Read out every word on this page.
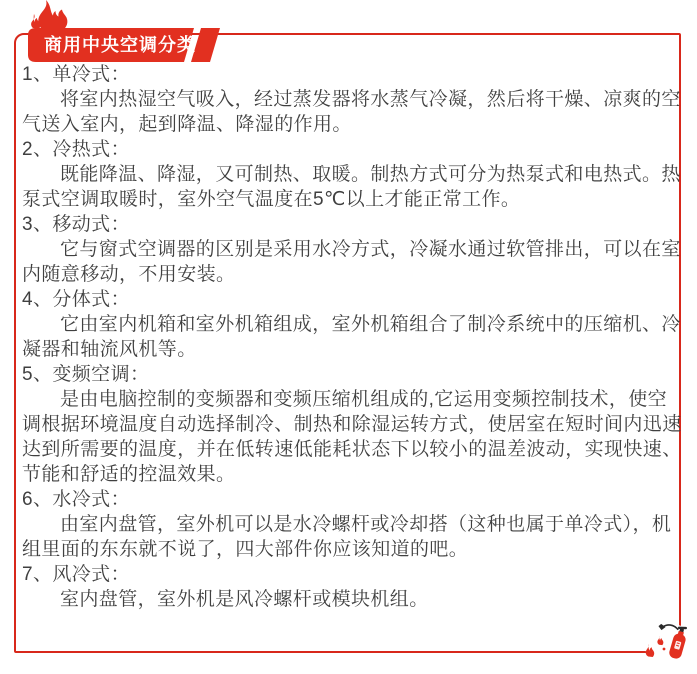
商用中央空调分类
1、单冷式：

将室内热湿空气吸入，经过蒸发器将水蒸气冷凝，然后将干燥、凉爽的空气送入室内，起到降温、降湿的作用。

2、冷热式：

既能降温、降湿，又可制热、取暖。制热方式可分为热泵式和电热式。热泵式空调取暖时，室外空气温度在5℃以上才能正常工作。

3、移动式：

它与窗式空调器的区别是采用水冷方式，冷凝水通过软管排出，可以在室内随意移动，不用安装。

4、分体式：

它由室内机箱和室外机箱组成，室外机箱组合了制冷系统中的压缩机、冷凝器和轴流风机等。

5、变频空调：

是由电脑控制的变频器和变频压缩机组成的,它运用变频控制技术，使空调根据环境温度自动选择制冷、制热和除湿运转方式，使居室在短时间内迅速达到所需要的温度，并在低转速低能耗状态下以较小的温差波动，实现快速、节能和舒适的控温效果。

6、水冷式：

由室内盘管，室外机可以是水冷螺杆或冷却搭（这种也属于单冷式），机组里面的东东就不说了，四大部件你应该知道的吧。

7、风冷式：

室内盘管，室外机是风冷螺杆或模块机组。
